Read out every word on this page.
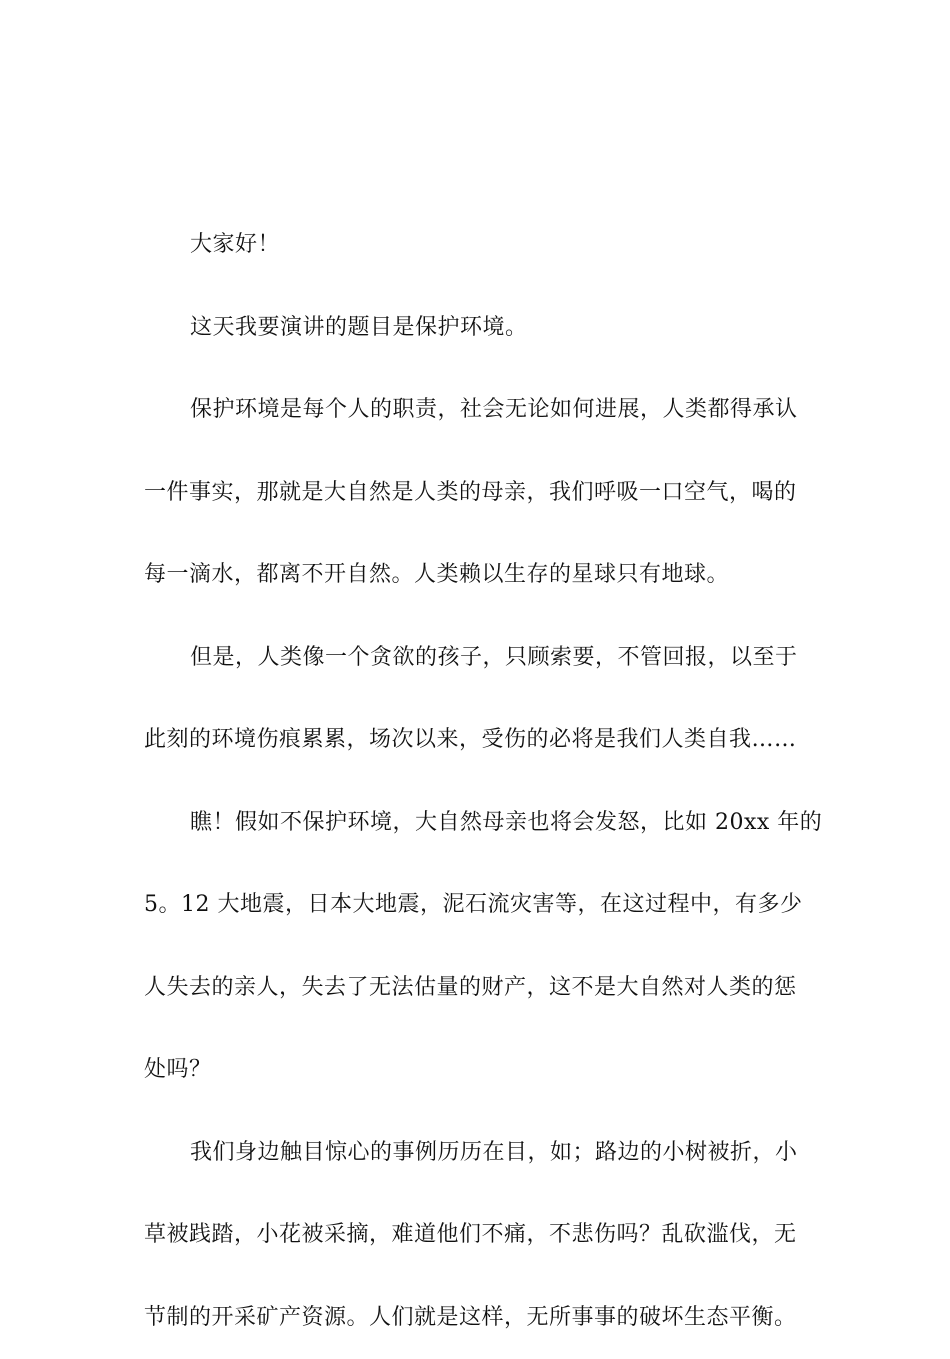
大家好！
这天我要演讲的题目是保护环境。
保护环境是每个人的职责，社会无论如何进展，人类都得承认
一件事实，那就是大自然是人类的母亲，我们呼吸一口空气，喝的
每一滴水，都离不开自然。人类赖以生存的星球只有地球。
但是，人类像一个贪欲的孩子，只顾索要，不管回报，以至于
此刻的环境伤痕累累，场次以来，受伤的必将是我们人类自我……
瞧！假如不保护环境，大自然母亲也将会发怒，比如 20xx 年的
5。12 大地震，日本大地震，泥石流灾害等，在这过程中，有多少
人失去的亲人，失去了无法估量的财产，这不是大自然对人类的惩
处吗？
我们身边触目惊心的事例历历在目，如；路边的小树被折，小
草被践踏，小花被采摘，难道他们不痛，不悲伤吗？乱砍滥伐，无
节制的开采矿产资源。人们就是这样，无所事事的破坏生态平衡。
